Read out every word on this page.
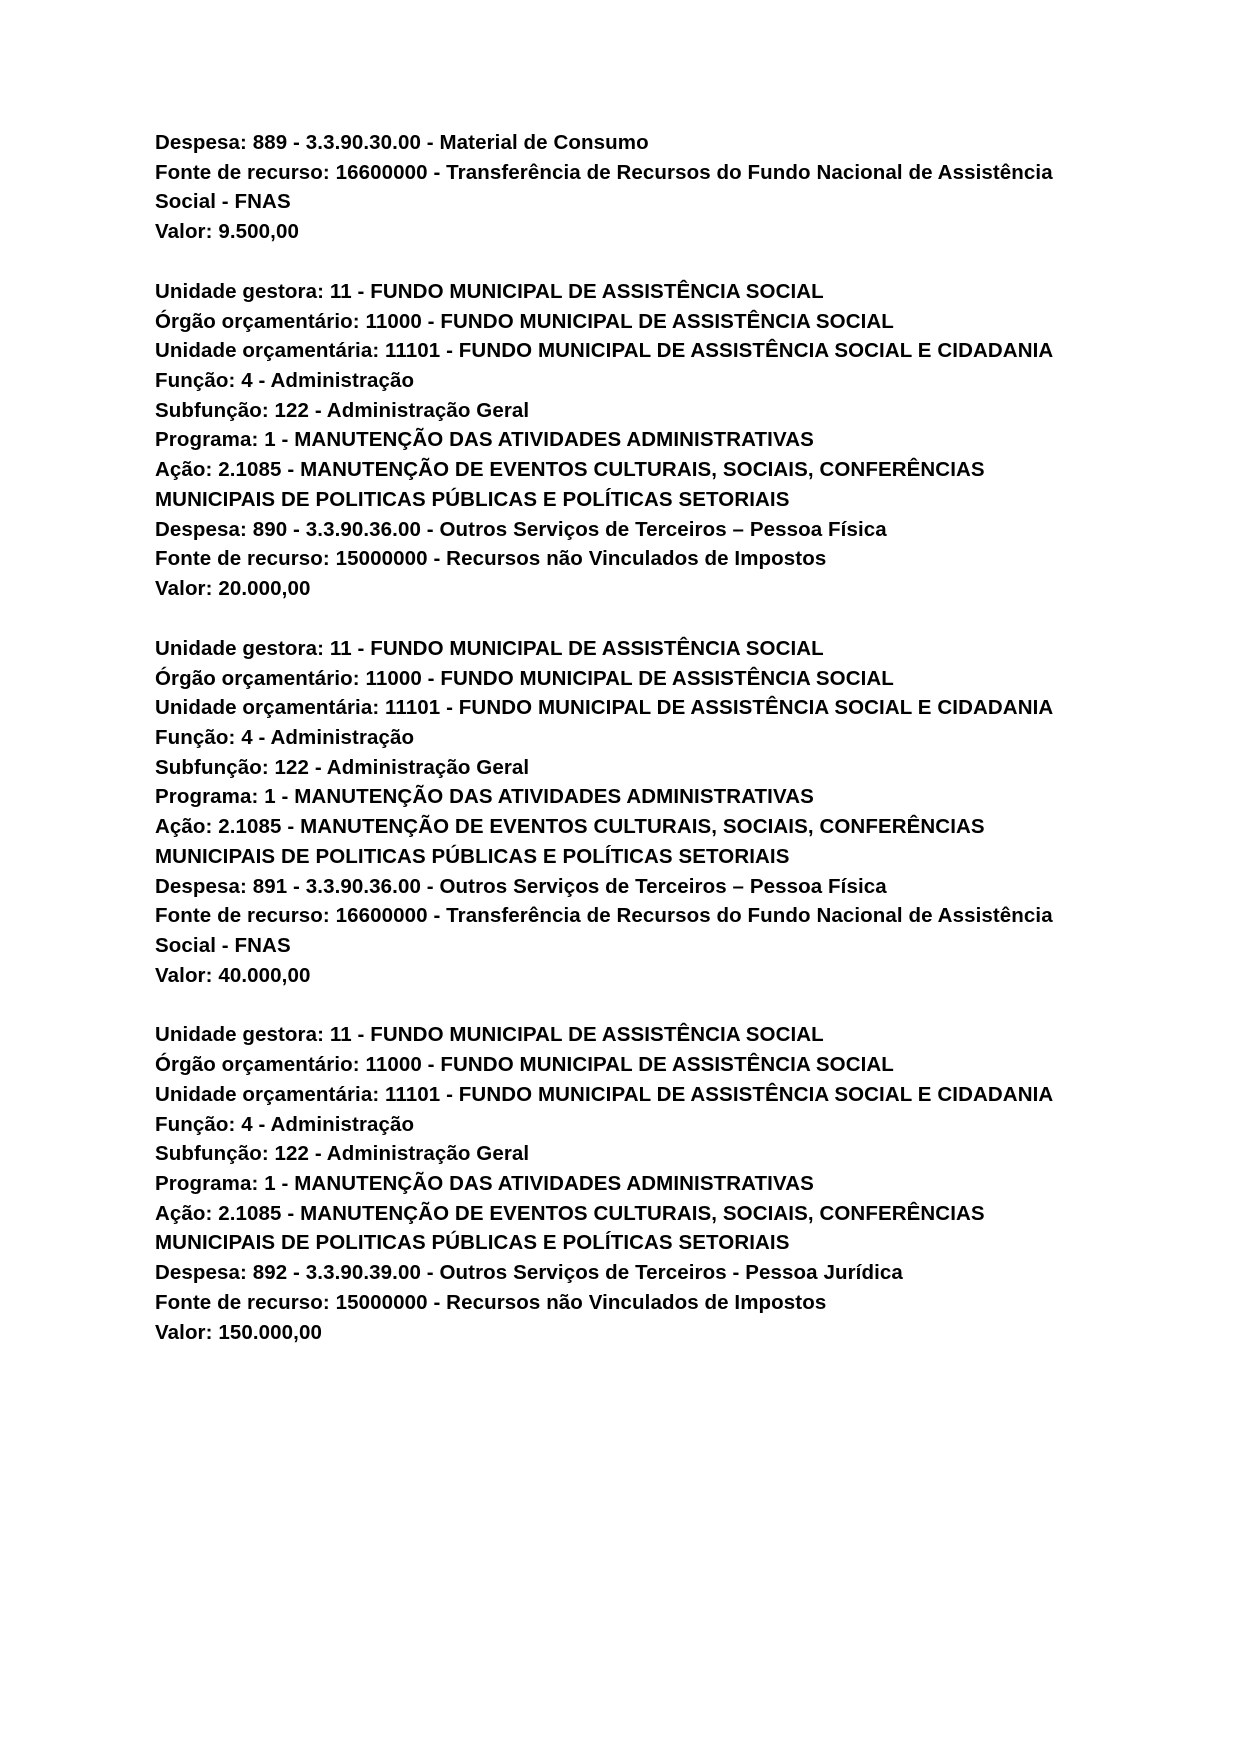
Despesa: 889 - 3.3.90.30.00 - Material de Consumo
Fonte de recurso: 16600000 - Transferência de Recursos do Fundo Nacional de Assistência Social - FNAS
Valor: 9.500,00
Unidade gestora: 11 - FUNDO MUNICIPAL DE ASSISTÊNCIA SOCIAL
Órgão orçamentário: 11000 - FUNDO MUNICIPAL DE ASSISTÊNCIA SOCIAL
Unidade orçamentária: 11101 - FUNDO MUNICIPAL DE ASSISTÊNCIA SOCIAL E CIDADANIA
Função: 4 - Administração
Subfunção: 122 - Administração Geral
Programa: 1 - MANUTENÇÃO DAS ATIVIDADES ADMINISTRATIVAS
Ação: 2.1085 - MANUTENÇÃO DE EVENTOS CULTURAIS, SOCIAIS, CONFERÊNCIAS MUNICIPAIS DE POLITICAS PÚBLICAS E POLÍTICAS SETORIAIS
Despesa: 890 - 3.3.90.36.00 - Outros Serviços de Terceiros – Pessoa Física
Fonte de recurso: 15000000 - Recursos não Vinculados de Impostos
Valor: 20.000,00
Unidade gestora: 11 - FUNDO MUNICIPAL DE ASSISTÊNCIA SOCIAL
Órgão orçamentário: 11000 - FUNDO MUNICIPAL DE ASSISTÊNCIA SOCIAL
Unidade orçamentária: 11101 - FUNDO MUNICIPAL DE ASSISTÊNCIA SOCIAL E CIDADANIA
Função: 4 - Administração
Subfunção: 122 - Administração Geral
Programa: 1 - MANUTENÇÃO DAS ATIVIDADES ADMINISTRATIVAS
Ação: 2.1085 - MANUTENÇÃO DE EVENTOS CULTURAIS, SOCIAIS, CONFERÊNCIAS MUNICIPAIS DE POLITICAS PÚBLICAS E POLÍTICAS SETORIAIS
Despesa: 891 - 3.3.90.36.00 - Outros Serviços de Terceiros – Pessoa Física
Fonte de recurso: 16600000 - Transferência de Recursos do Fundo Nacional de Assistência Social - FNAS
Valor: 40.000,00
Unidade gestora: 11 - FUNDO MUNICIPAL DE ASSISTÊNCIA SOCIAL
Órgão orçamentário: 11000 - FUNDO MUNICIPAL DE ASSISTÊNCIA SOCIAL
Unidade orçamentária: 11101 - FUNDO MUNICIPAL DE ASSISTÊNCIA SOCIAL E CIDADANIA
Função: 4 - Administração
Subfunção: 122 - Administração Geral
Programa: 1 - MANUTENÇÃO DAS ATIVIDADES ADMINISTRATIVAS
Ação: 2.1085 - MANUTENÇÃO DE EVENTOS CULTURAIS, SOCIAIS, CONFERÊNCIAS MUNICIPAIS DE POLITICAS PÚBLICAS E POLÍTICAS SETORIAIS
Despesa: 892 - 3.3.90.39.00 - Outros Serviços de Terceiros - Pessoa Jurídica
Fonte de recurso: 15000000 - Recursos não Vinculados de Impostos
Valor: 150.000,00
